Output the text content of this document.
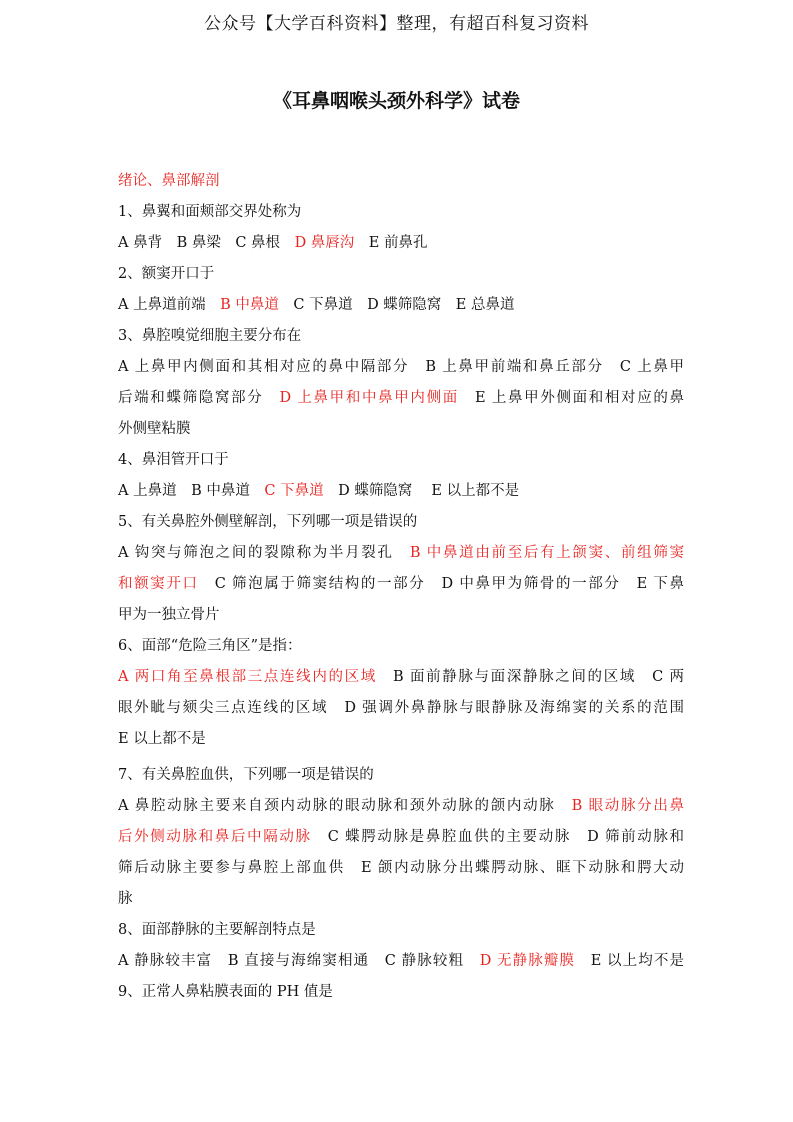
公众号【大学百科资料】整理，有超百科复习资料
《耳鼻咽喉头颈外科学》试卷
绪论、鼻部解剖
1、鼻翼和面颊部交界处称为
A 鼻背　B 鼻梁　C 鼻根　D 鼻唇沟　E 前鼻孔
2、额窦开口于
A 上鼻道前端　B 中鼻道　C 下鼻道　D 蝶筛隐窝　E 总鼻道
3、鼻腔嗅觉细胞主要分布在
A 上鼻甲内侧面和其相对应的鼻中隔部分　B 上鼻甲前端和鼻丘部分　C 上鼻甲
后端和蝶筛隐窝部分　D 上鼻甲和中鼻甲内侧面　E 上鼻甲外侧面和相对应的鼻
外侧壁粘膜
4、鼻泪管开口于
A 上鼻道　B 中鼻道　C 下鼻道　D 蝶筛隐窝　 E 以上都不是
5、有关鼻腔外侧壁解剖，下列哪一项是错误的
A 钩突与筛泡之间的裂隙称为半月裂孔　B 中鼻道由前至后有上颌窦、前组筛窦
和额窦开口　C 筛泡属于筛窦结构的一部分　D 中鼻甲为筛骨的一部分　E 下鼻
甲为一独立骨片
6、面部“危险三角区”是指：
A 两口角至鼻根部三点连线内的区域　B 面前静脉与面深静脉之间的区域　C 两
眼外眦与颏尖三点连线的区域　D 强调外鼻静脉与眼静脉及海绵窦的关系的范围
E 以上都不是
7、有关鼻腔血供，下列哪一项是错误的
A 鼻腔动脉主要来自颈内动脉的眼动脉和颈外动脉的颌内动脉　B 眼动脉分出鼻
后外侧动脉和鼻后中隔动脉　C 蝶腭动脉是鼻腔血供的主要动脉　D 筛前动脉和
筛后动脉主要参与鼻腔上部血供　E 颌内动脉分出蝶腭动脉、眶下动脉和腭大动
脉
8、面部静脉的主要解剖特点是
A 静脉较丰富　B 直接与海绵窦相通　C 静脉较粗　D 无静脉瓣膜　E 以上均不是
9、正常人鼻粘膜表面的 PH 值是
